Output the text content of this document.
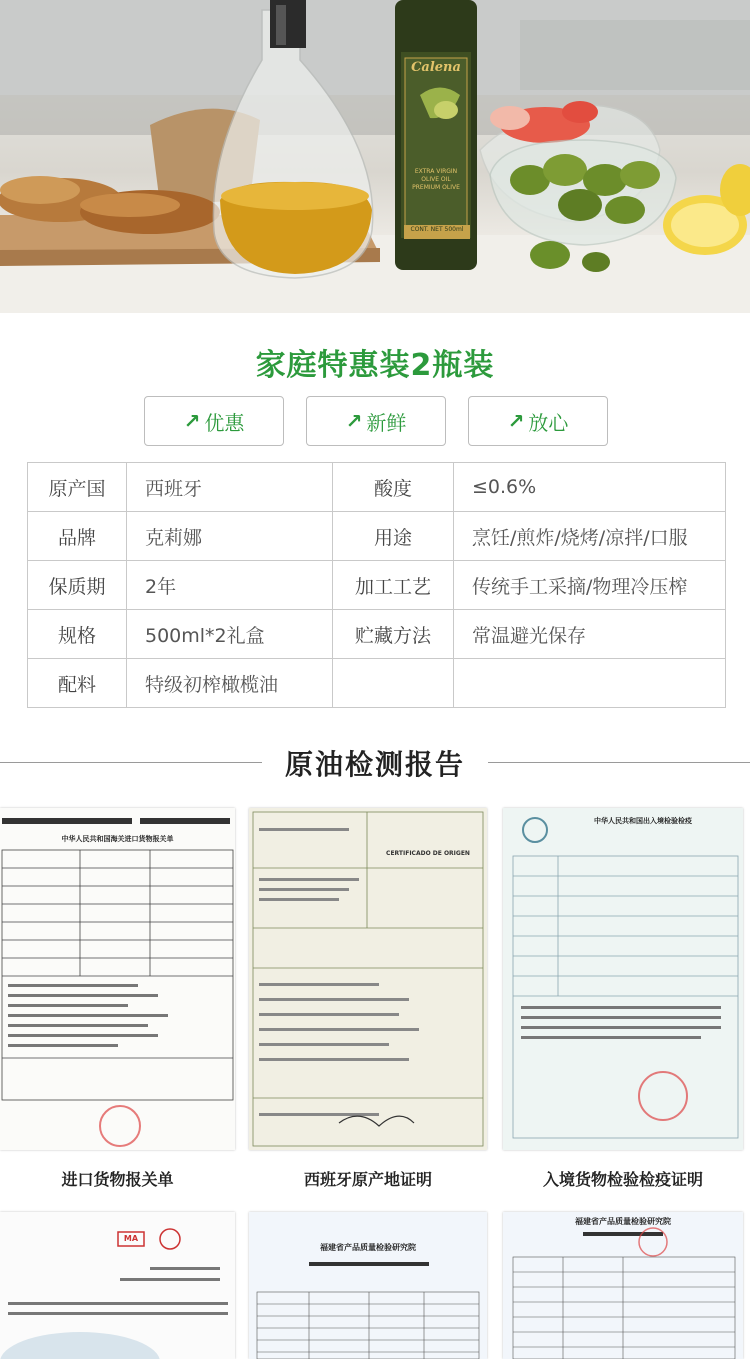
Calena
EXTRA VIRGIN
OLIVE OIL
PREMIUM OLIVE
CONT. NET 500ml
家庭特惠装2瓶装
↗ 优惠	↗ 新鲜	↗ 放心
原产国	西班牙	酸度	≤0.6%
品牌	克莉娜	用途	烹饪/煎炸/烧烤/凉拌/口服
保质期	2年	加工工艺	传统手工采摘/物理冷压榨
规格	500ml*2礼盒	贮藏方法	常温避光保存
配料	特级初榨橄榄油		
原油检测报告
中华人民共和国海关进口货物报关单
CERTIFICADO DE ORIGEN
中华人民共和国出入境检验检疫
进口货物报关单	西班牙原产地证明	入境货物检验检疫证明
MA
福建省产品质量检验研究院
福建省产品质量检验研究院
